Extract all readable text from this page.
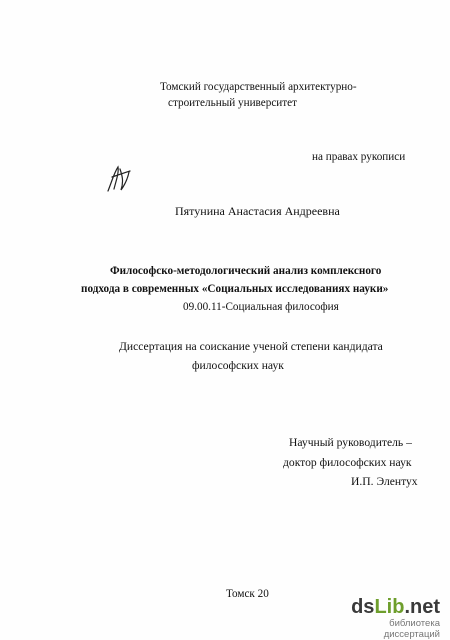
Томский государственный архитектурно-
строительный университет
на правах рукописи
Пятунина Анастасия Андреевна
Философско-методологический анализ комплексного
подхода в современных «Социальных исследованиях науки»
09.00.11-Социальная философия
Диссертация на соискание ученой степени кандидата
философских наук
Научный руководитель –
доктор философских наук
И.П. Элентух
Томск 20
dsLib.net
библиотека диссертаций
